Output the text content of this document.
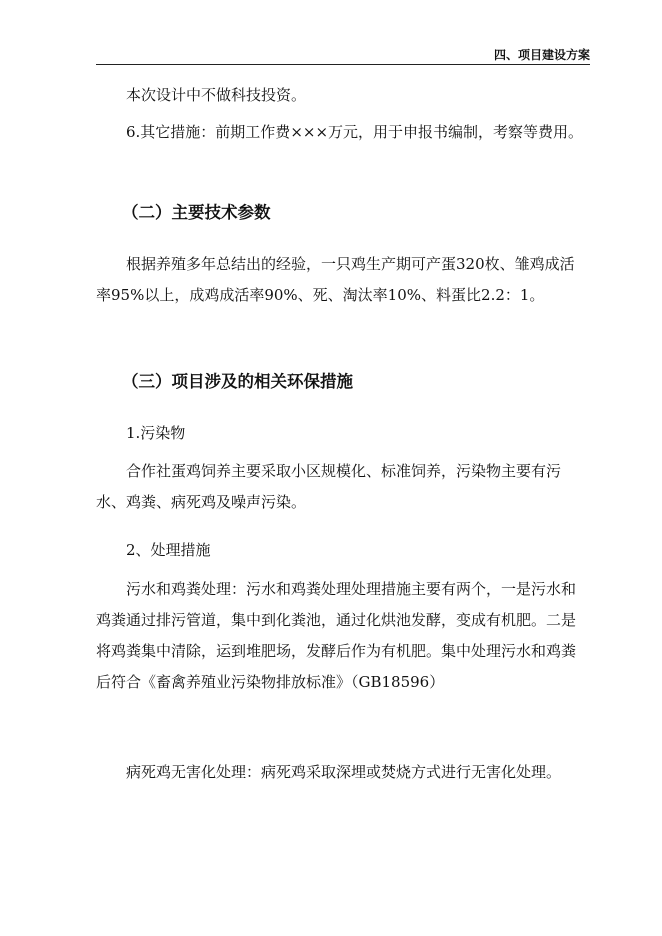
四、项目建设方案

本次设计中不做科技投资。

6.其它措施：前期工作费×××万元，用于申报书编制，考察等费用。

（二）主要技术参数

根据养殖多年总结出的经验，一只鸡生产期可产蛋320枚、雏鸡成活率95%以上，成鸡成活率90%、死、淘汰率10%、料蛋比2.2：1。

（三）项目涉及的相关环保措施

1.污染物

合作社蛋鸡饲养主要采取小区规模化、标准饲养，污染物主要有污水、鸡粪、病死鸡及噪声污染。

2、处理措施

污水和鸡粪处理：污水和鸡粪处理处理措施主要有两个，一是污水和鸡粪通过排污管道，集中到化粪池，通过化烘池发酵，变成有机肥。二是将鸡粪集中清除，运到堆肥场，发酵后作为有机肥。集中处理污水和鸡粪后符合《畜禽养殖业污染物排放标准》（GB18596）

病死鸡无害化处理：病死鸡采取深埋或焚烧方式进行无害化处理。
